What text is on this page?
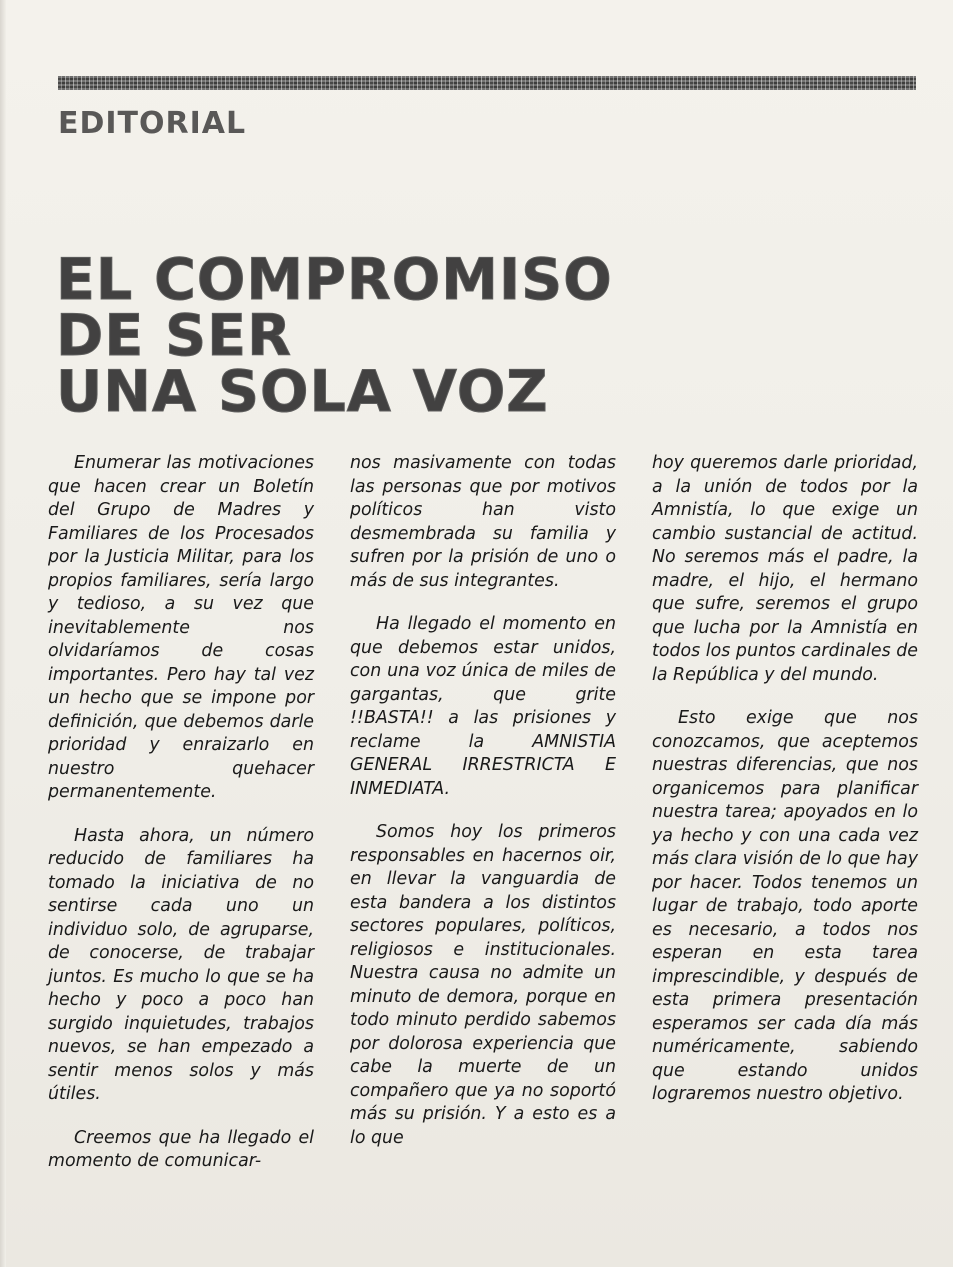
EDITORIAL
EL COMPROMISO
DE SER
UNA SOLA VOZ

Enumerar las motivaciones que hacen crear un Boletín del Grupo de Madres y Familiares de los Procesados por la Justicia Militar, para los propios familiares, sería largo y tedioso, a su vez que inevitablemente nos olvidaríamos de cosas importantes. Pero hay tal vez un hecho que se impone por definición, que debemos darle prioridad y enraizarlo en nuestro quehacer permanentemente.

Hasta ahora, un número reducido de familiares ha tomado la iniciativa de no sentirse cada uno un individuo solo, de agruparse, de conocerse, de trabajar juntos. Es mucho lo que se ha hecho y poco a poco han surgido inquietudes, trabajos nuevos, se han empezado a sentir menos solos y más útiles.

Creemos que ha llegado el momento de comunicar-

nos masivamente con todas las personas que por motivos políticos han visto desmembrada su familia y sufren por la prisión de uno o más de sus integrantes.

Ha llegado el momento en que debemos estar unidos, con una voz única de miles de gargantas, que grite !!BASTA!! a las prisiones y reclame la AMNISTIA GENERAL IRRESTRICTA E INMEDIATA.

Somos hoy los primeros responsables en hacernos oir, en llevar la vanguardia de esta bandera a los distintos sectores populares, políticos, religiosos e institucionales. Nuestra causa no admite un minuto de demora, porque en todo minuto perdido sabemos por dolorosa experiencia que cabe la muerte de un compañero que ya no soportó más su prisión. Y a esto es a lo que

hoy queremos darle prioridad, a la unión de todos por la Amnistía, lo que exige un cambio sustancial de actitud. No seremos más el padre, la madre, el hijo, el hermano que sufre, seremos el grupo que lucha por la Amnistía en todos los puntos cardinales de la República y del mundo.

Esto exige que nos conozcamos, que aceptemos nuestras diferencias, que nos organicemos para planificar nuestra tarea; apoyados en lo ya hecho y con una cada vez más clara visión de lo que hay por hacer. Todos tenemos un lugar de trabajo, todo aporte es necesario, a todos nos esperan en esta tarea imprescindible, y después de esta primera presentación esperamos ser cada día más numéricamente, sabiendo que estando unidos lograremos nuestro objetivo.
